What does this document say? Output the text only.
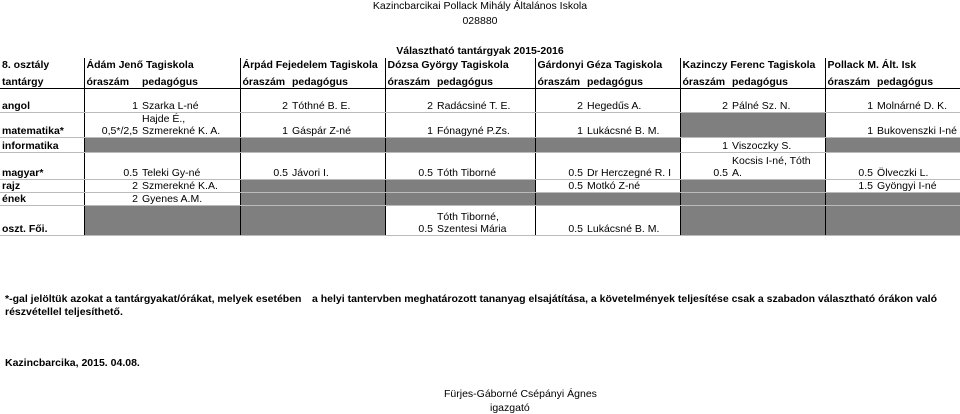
Kazincbarcikai Pollack Mihály Általános Iskola
028880
Választható tantárgyak 2015-2016
8. osztály	Ádám Jenő Tagiskola		Árpád Fejedelem Tagiskola		Dózsa György Tagiskola		Gárdonyi Géza Tagiskola		Kazinczy Ferenc Tagiskola		Pollack M. Ált. Isk	
tantárgy	óraszám	pedagógus	óraszám	pedagógus	óraszám	pedagógus	óraszám	pedagógus	óraszám	pedagógus	óraszám	pedagógus
angol	1	Szarka L-né	2	Tóthné B. E.	2	Radácsiné T. E.	2	Hegedűs A.	2	Pálné Sz. N.	1	Molnárné D. K.
matematika*	0,5*/2,5	Hajde É., Szmerekné K. A.	1	Gáspár Z-né	1	Fónagyné P.Zs.	1	Lukácsné B. M.			1	Bukovenszki I-né
informatika									1	Viszoczky S.		
magyar*	0.5	Teleki Gy-né	0.5	Jávori I.	0.5	Tóth Tiborné	0.5	Dr Herczegné R. I	0.5	Kocsis I-né, Tóth A.	0.5	Ölveczki L.
rajz	2	Szmerekné K.A.					0.5	Motkó Z-né			1.5	Gyöngyi I-né
ének	2	Gyenes A.M.										
oszt. Fői.					0.5	Tóth Tiborné, Szentesi Mária	0.5	Lukácsné B. M.				
*-gal jelöltük azokat a tantárgyakat/órákat, melyek esetében a helyi tantervben meghatározott tananyag elsajátítása, a követelmények teljesítése csak a szabadon választható órákon való
részvétellel teljesíthető.
Kazincbarcika, 2015. 04.08.
Fürjes-Gáborné Csépányi Ágnes
igazgató
